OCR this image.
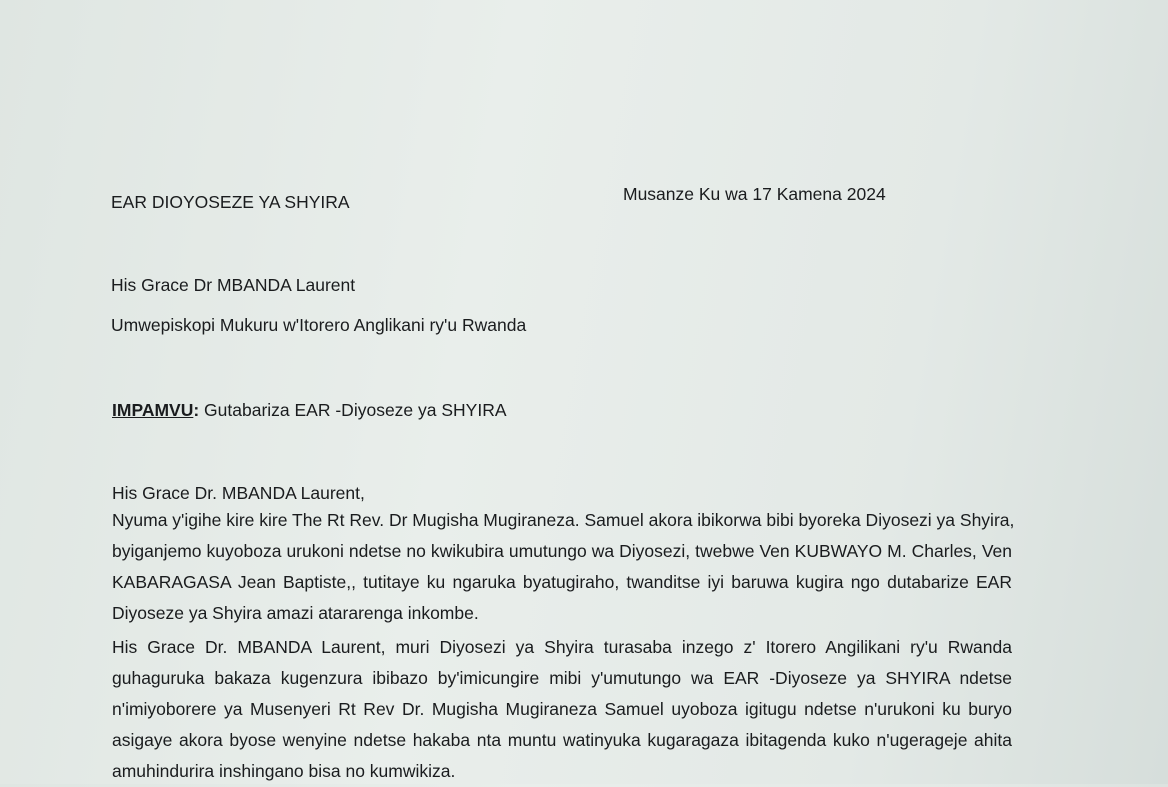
EAR DIOYOSEZE YA SHYIRA	Musanze Ku wa 17 Kamena 2024
His Grace Dr MBANDA Laurent
Umwepiskopi Mukuru w'Itorero Anglikani ry'u Rwanda
IMPAMVU: Gutabariza EAR -Diyoseze ya SHYIRA
His Grace Dr. MBANDA Laurent,
Nyuma y'igihe kire kire The Rt Rev. Dr Mugisha Mugiraneza. Samuel akora ibikorwa bibi byoreka Diyosezi ya Shyira,
byiganjemo kuyoboza urukoni ndetse no kwikubira umutungo wa Diyosezi, twebwe Ven KUBWAYO M. Charles, Ven
KABARAGASA Jean Baptiste,, tutitaye ku ngaruka byatugiraho, twanditse iyi baruwa kugira ngo dutabarize EAR
Diyoseze ya Shyira amazi atararenga inkombe.
His Grace Dr. MBANDA Laurent, muri Diyosezi ya Shyira turasaba inzego z' Itorero Angilikani ry'u Rwanda
guhaguruka bakaza kugenzura ibibazo by'imicungire mibi y'umutungo wa EAR -Diyoseze ya SHYIRA ndetse
n'imiyoborere ya Musenyeri Rt Rev Dr. Mugisha Mugiraneza Samuel uyoboza igitugu ndetse n'urukoni ku buryo
asigaye akora byose wenyine ndetse hakaba nta muntu watinyuka kugaragaza ibitagenda kuko n'ugerageje ahita
amuhindurira inshingano bisa no kumwikiza.
